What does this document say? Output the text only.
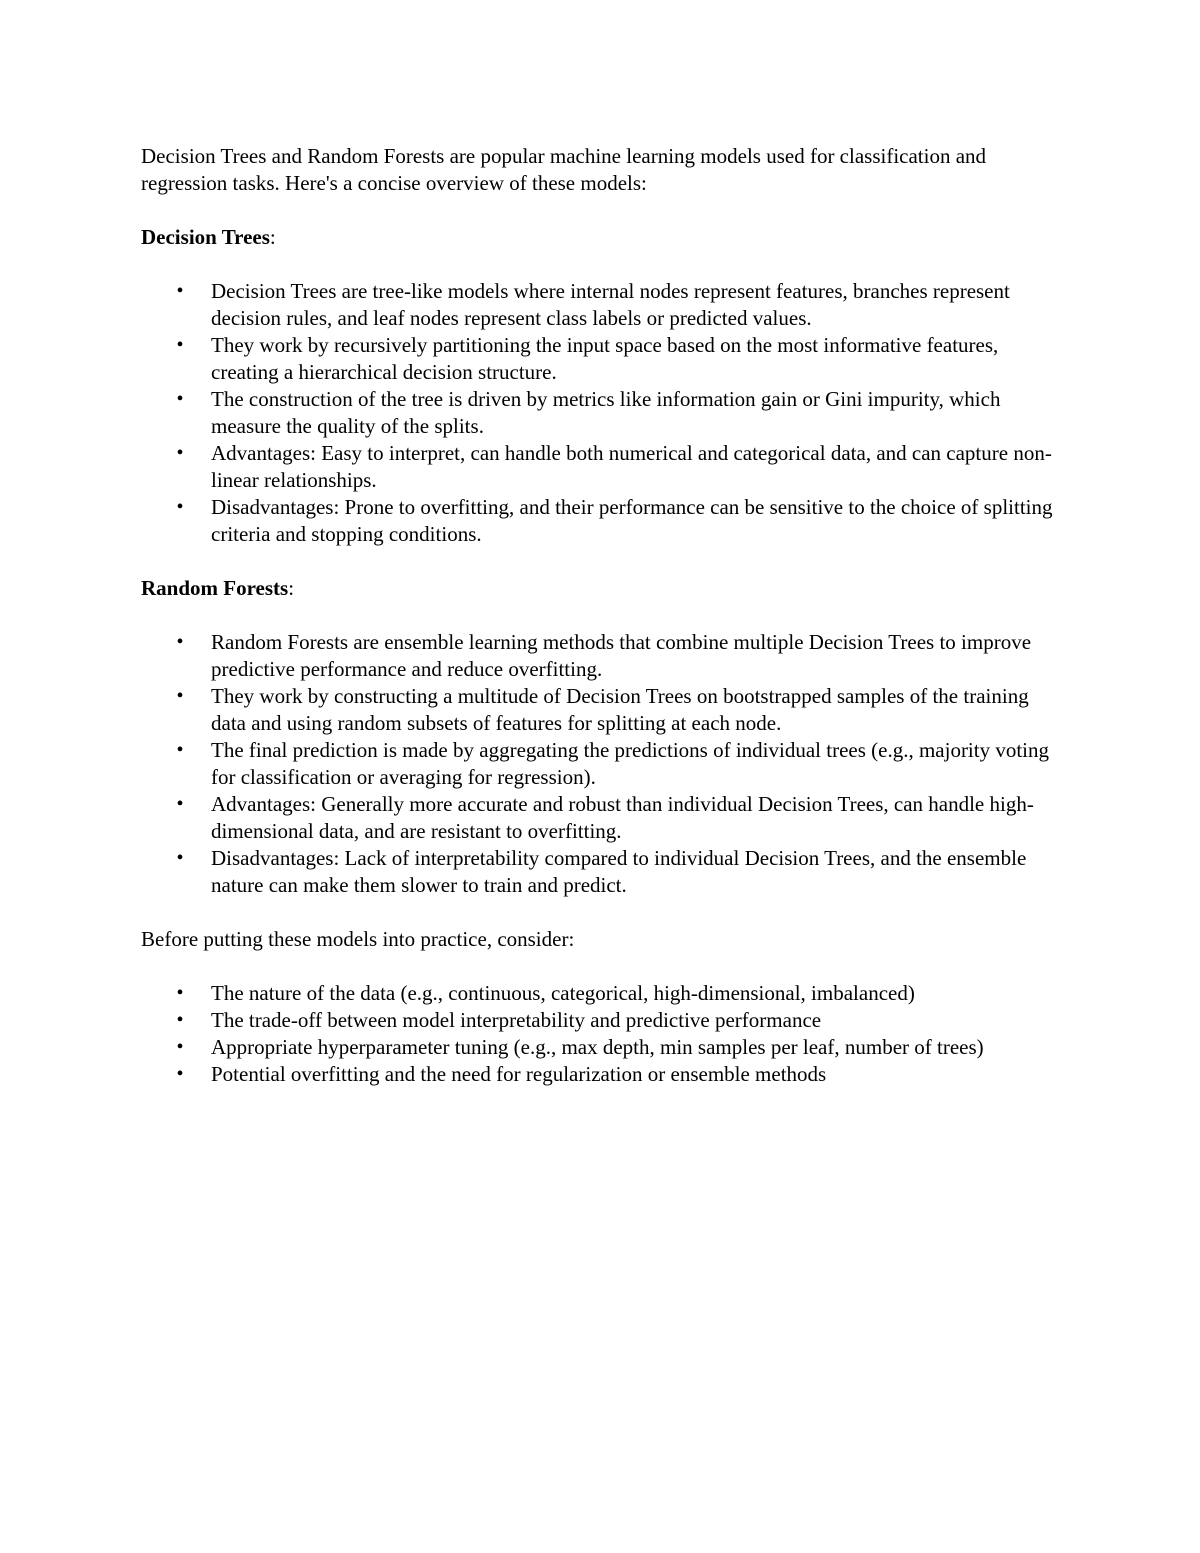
Decision Trees and Random Forests are popular machine learning models used for classification and regression tasks. Here's a concise overview of these models:

Decision Trees:

• Decision Trees are tree-like models where internal nodes represent features, branches represent decision rules, and leaf nodes represent class labels or predicted values.
• They work by recursively partitioning the input space based on the most informative features, creating a hierarchical decision structure.
• The construction of the tree is driven by metrics like information gain or Gini impurity, which measure the quality of the splits.
• Advantages: Easy to interpret, can handle both numerical and categorical data, and can capture non-linear relationships.
• Disadvantages: Prone to overfitting, and their performance can be sensitive to the choice of splitting criteria and stopping conditions.

Random Forests:

• Random Forests are ensemble learning methods that combine multiple Decision Trees to improve predictive performance and reduce overfitting.
• They work by constructing a multitude of Decision Trees on bootstrapped samples of the training data and using random subsets of features for splitting at each node.
• The final prediction is made by aggregating the predictions of individual trees (e.g., majority voting for classification or averaging for regression).
• Advantages: Generally more accurate and robust than individual Decision Trees, can handle high-dimensional data, and are resistant to overfitting.
• Disadvantages: Lack of interpretability compared to individual Decision Trees, and the ensemble nature can make them slower to train and predict.

Before putting these models into practice, consider:

• The nature of the data (e.g., continuous, categorical, high-dimensional, imbalanced)
• The trade-off between model interpretability and predictive performance
• Appropriate hyperparameter tuning (e.g., max depth, min samples per leaf, number of trees)
• Potential overfitting and the need for regularization or ensemble methods
